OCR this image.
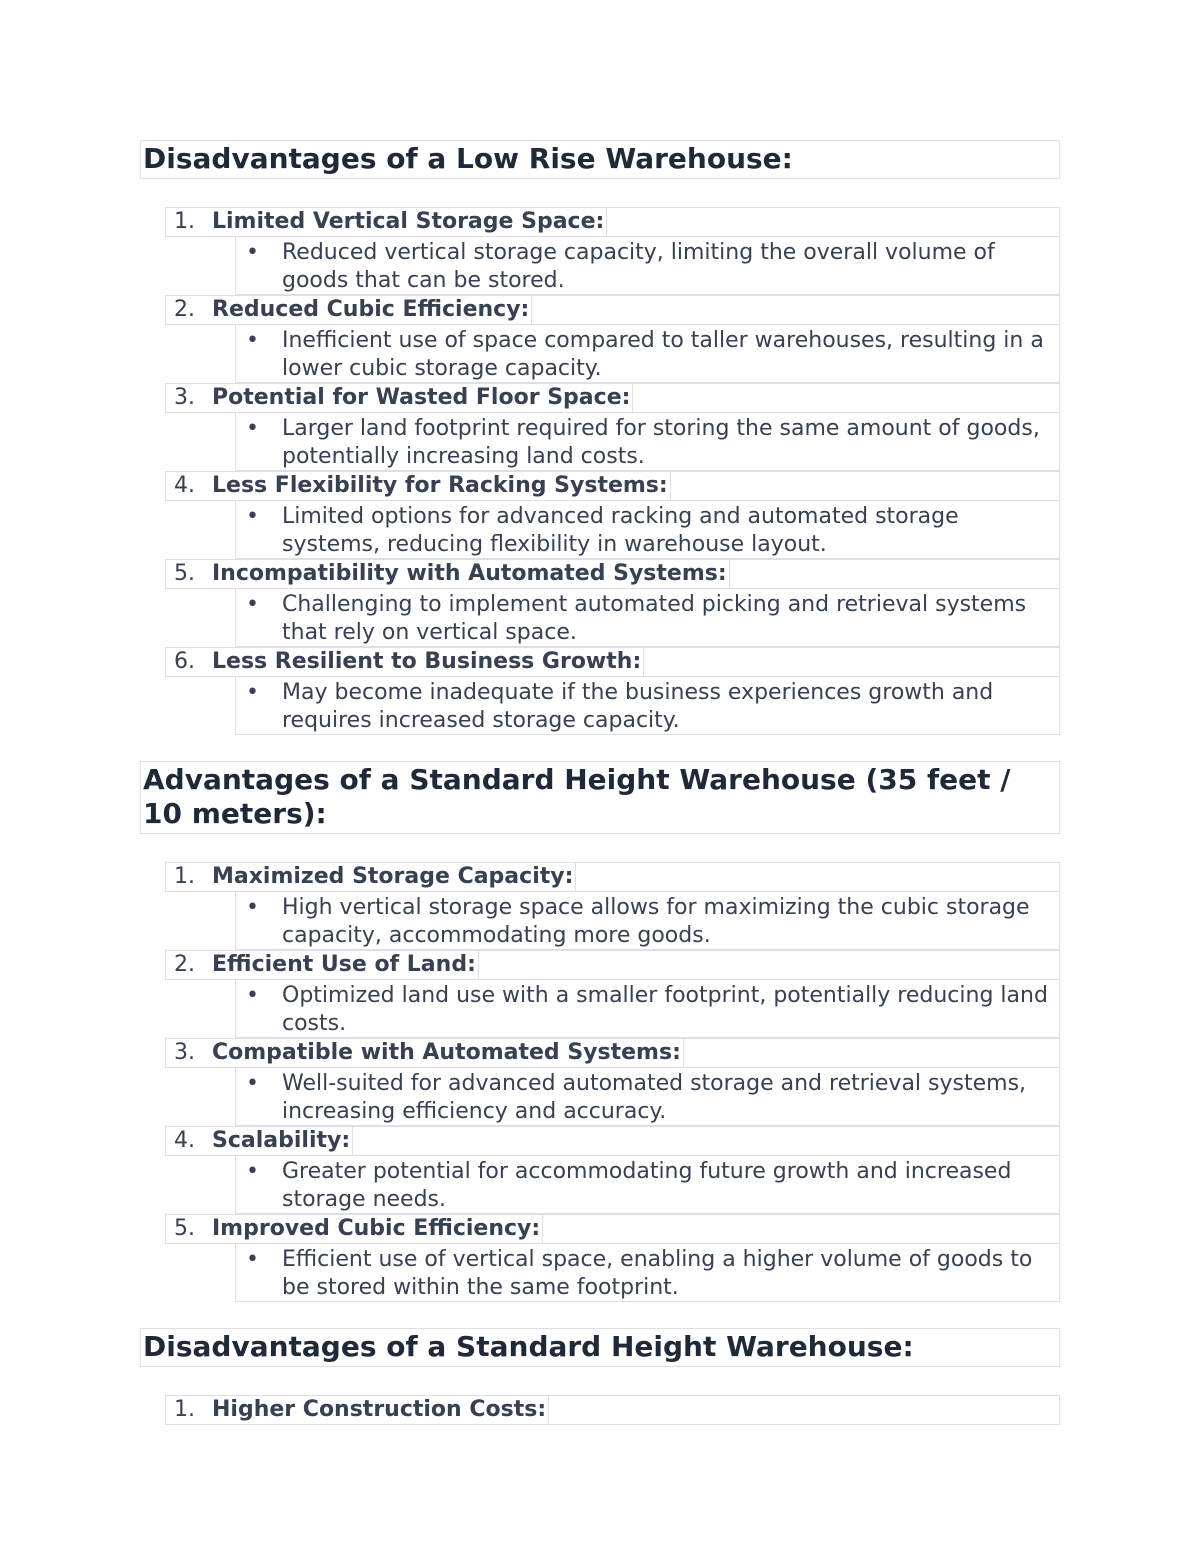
Disadvantages of a Low Rise Warehouse:
1. Limited Vertical Storage Space:
• Reduced vertical storage capacity, limiting the overall volume of goods that can be stored.
2. Reduced Cubic Efficiency:
• Inefficient use of space compared to taller warehouses, resulting in a lower cubic storage capacity.
3. Potential for Wasted Floor Space:
• Larger land footprint required for storing the same amount of goods, potentially increasing land costs.
4. Less Flexibility for Racking Systems:
• Limited options for advanced racking and automated storage systems, reducing flexibility in warehouse layout.
5. Incompatibility with Automated Systems:
• Challenging to implement automated picking and retrieval systems that rely on vertical space.
6. Less Resilient to Business Growth:
• May become inadequate if the business experiences growth and requires increased storage capacity.
Advantages of a Standard Height Warehouse (35 feet / 10 meters):
1. Maximized Storage Capacity:
• High vertical storage space allows for maximizing the cubic storage capacity, accommodating more goods.
2. Efficient Use of Land:
• Optimized land use with a smaller footprint, potentially reducing land costs.
3. Compatible with Automated Systems:
• Well-suited for advanced automated storage and retrieval systems, increasing efficiency and accuracy.
4. Scalability:
• Greater potential for accommodating future growth and increased storage needs.
5. Improved Cubic Efficiency:
• Efficient use of vertical space, enabling a higher volume of goods to be stored within the same footprint.
Disadvantages of a Standard Height Warehouse:
1. Higher Construction Costs:
